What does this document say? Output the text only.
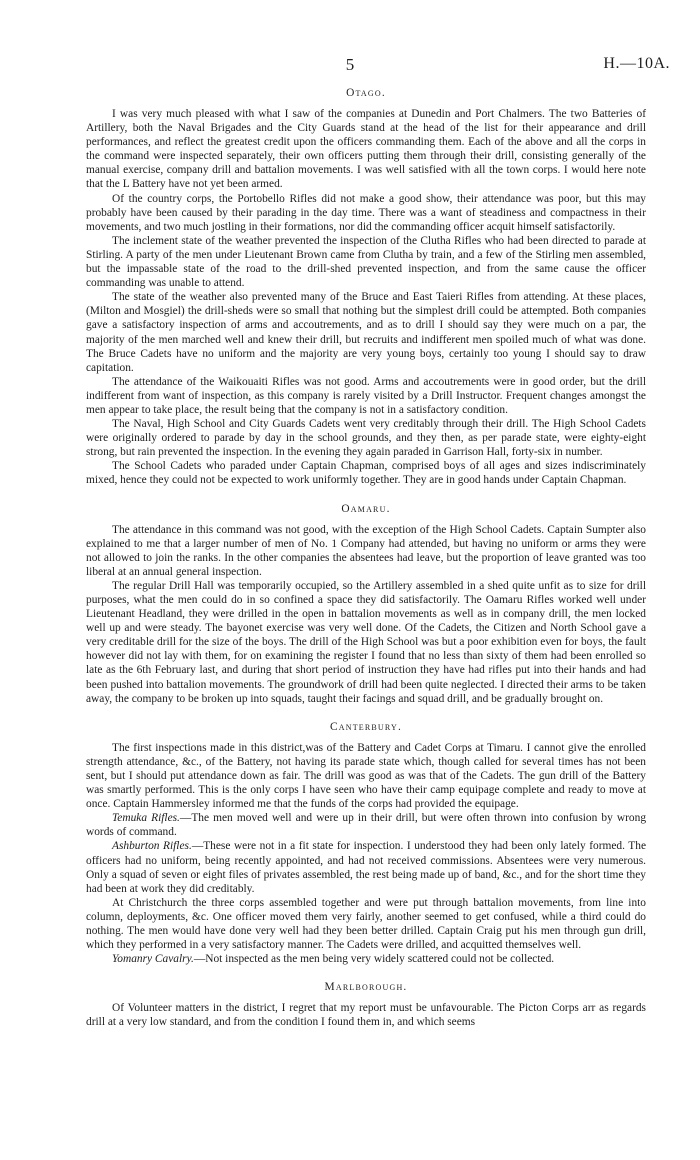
5	H.—10A.
Otago.

I was very much pleased with what I saw of the companies at Dunedin and Port Chalmers. The two Batteries of Artillery, both the Naval Brigades and the City Guards stand at the head of the list for their appearance and drill performances, and reflect the greatest credit upon the officers commanding them. Each of the above and all the corps in the command were inspected separately, their own officers putting them through their drill, consisting generally of the manual exercise, company drill and battalion movements. I was well satisfied with all the town corps. I would here note that the L Battery have not yet been armed.

Of the country corps, the Portobello Rifles did not make a good show, their attendance was poor, but this may probably have been caused by their parading in the day time. There was a want of steadiness and compactness in their movements, and two much jostling in their formations, nor did the commanding officer acquit himself satisfactorily.

The inclement state of the weather prevented the inspection of the Clutha Rifles who had been directed to parade at Stirling. A party of the men under Lieutenant Brown came from Clutha by train, and a few of the Stirling men assembled, but the impassable state of the road to the drill-shed prevented inspection, and from the same cause the officer commanding was unable to attend.

The state of the weather also prevented many of the Bruce and East Taieri Rifles from attending. At these places, (Milton and Mosgiel) the drill-sheds were so small that nothing but the simplest drill could be attempted. Both companies gave a satisfactory inspection of arms and accoutrements, and as to drill I should say they were much on a par, the majority of the men marched well and knew their drill, but recruits and indifferent men spoiled much of what was done. The Bruce Cadets have no uniform and the majority are very young boys, certainly too young I should say to draw capitation.

The attendance of the Waikouaiti Rifles was not good. Arms and accoutrements were in good order, but the drill indifferent from want of inspection, as this company is rarely visited by a Drill Instructor. Frequent changes amongst the men appear to take place, the result being that the company is not in a satisfactory condition.

The Naval, High School and City Guards Cadets went very creditably through their drill. The High School Cadets were originally ordered to parade by day in the school grounds, and they then, as per parade state, were eighty-eight strong, but rain prevented the inspection. In the evening they again paraded in Garrison Hall, forty-six in number.

The School Cadets who paraded under Captain Chapman, comprised boys of all ages and sizes indiscriminately mixed, hence they could not be expected to work uniformly together. They are in good hands under Captain Chapman.

Oamaru.

The attendance in this command was not good, with the exception of the High School Cadets. Captain Sumpter also explained to me that a larger number of men of No. 1 Company had attended, but having no uniform or arms they were not allowed to join the ranks. In the other companies the absentees had leave, but the proportion of leave granted was too liberal at an annual general inspection.

The regular Drill Hall was temporarily occupied, so the Artillery assembled in a shed quite unfit as to size for drill purposes, what the men could do in so confined a space they did satisfactorily. The Oamaru Rifles worked well under Lieutenant Headland, they were drilled in the open in battalion movements as well as in company drill, the men locked well up and were steady. The bayonet exercise was very well done. Of the Cadets, the Citizen and North School gave a very creditable drill for the size of the boys. The drill of the High School was but a poor exhibition even for boys, the fault however did not lay with them, for on examining the register I found that no less than sixty of them had been enrolled so late as the 6th February last, and during that short period of instruction they have had rifles put into their hands and had been pushed into battalion movements. The groundwork of drill had been quite neglected. I directed their arms to be taken away, the company to be broken up into squads, taught their facings and squad drill, and be gradually brought on.

Canterbury.

The first inspections made in this district,was of the Battery and Cadet Corps at Timaru. I cannot give the enrolled strength attendance, &c., of the Battery, not having its parade state which, though called for several times has not been sent, but I should put attendance down as fair. The drill was good as was that of the Cadets. The gun drill of the Battery was smartly performed. This is the only corps I have seen who have their camp equipage complete and ready to move at once. Captain Hammersley informed me that the funds of the corps had provided the equipage.

Temuka Rifles.—The men moved well and were up in their drill, but were often thrown into confusion by wrong words of command.

Ashburton Rifles.—These were not in a fit state for inspection. I understood they had been only lately formed. The officers had no uniform, being recently appointed, and had not received commissions. Absentees were very numerous. Only a squad of seven or eight files of privates assembled, the rest being made up of band, &c., and for the short time they had been at work they did creditably.

At Christchurch the three corps assembled together and were put through battalion movements, from line into column, deployments, &c. One officer moved them very fairly, another seemed to get confused, while a third could do nothing. The men would have done very well had they been better drilled. Captain Craig put his men through gun drill, which they performed in a very satisfactory manner. The Cadets were drilled, and acquitted themselves well.

Yomanry Cavalry.—Not inspected as the men being very widely scattered could not be collected.

Marlborough.

Of Volunteer matters in the district, I regret that my report must be unfavourable. The Picton Corps arr as regards drill at a very low standard, and from the condition I found them in, and which seems
